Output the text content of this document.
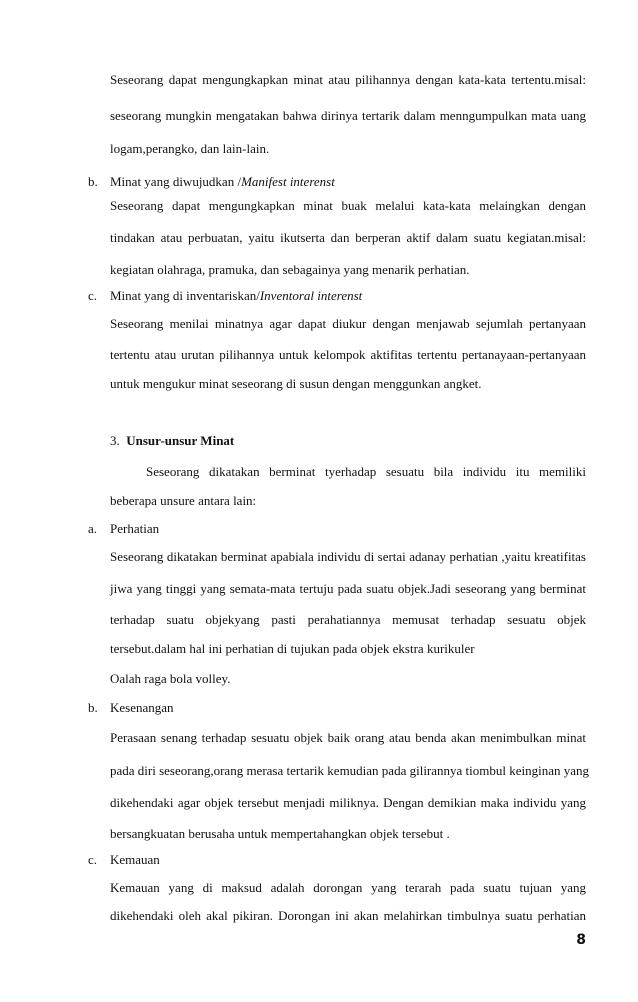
Seseorang dapat mengungkapkan minat atau pilihannya dengan kata-kata tertentu.misal:
seseorang mungkin mengatakan bahwa dirinya tertarik dalam menngumpulkan mata uang
logam,perangko, dan lain-lain.
b. Minat yang diwujudkan /Manifest interenst
Seseorang dapat mengungkapkan minat buak melalui kata-kata melaingkan dengan
tindakan atau perbuatan, yaitu ikutserta dan berperan aktif dalam suatu kegiatan.misal:
kegiatan olahraga, pramuka, dan sebagainya yang menarik perhatian.
c. Minat yang di inventariskan/Inventoral interenst
Seseorang menilai minatnya agar dapat diukur dengan menjawab sejumlah pertanyaan
tertentu atau urutan pilihannya untuk kelompok aktifitas tertentu pertanayaan-pertanyaan
untuk mengukur minat seseorang di susun dengan menggunkan angket.
3. Unsur-unsur Minat
Seseorang dikatakan berminat tyerhadap sesuatu bila individu itu memiliki
beberapa unsure antara lain:
a. Perhatian
Seseorang dikatakan berminat apabiala individu di sertai adanay perhatian ,yaitu kreatifitas
jiwa yang tinggi yang semata-mata tertuju pada suatu objek.Jadi seseorang yang berminat
terhadap suatu objekyang pasti perahatiannya memusat terhadap sesuatu objek
tersebut.dalam hal ini perhatian di tujukan pada objek ekstra kurikuler
Oalah raga bola volley.
b. Kesenangan
Perasaan senang terhadap sesuatu objek baik orang atau benda akan menimbulkan minat
pada diri seseorang,orang merasa tertarik kemudian pada gilirannya tiombul keinginan yang
dikehendaki agar objek tersebut menjadi miliknya. Dengan demikian maka individu yang
bersangkuatan berusaha untuk mempertahangkan objek tersebut .
c. Kemauan
Kemauan yang di maksud adalah dorongan yang terarah pada suatu tujuan yang
dikehendaki oleh akal pikiran. Dorongan ini akan melahirkan timbulnya suatu perhatian
8
